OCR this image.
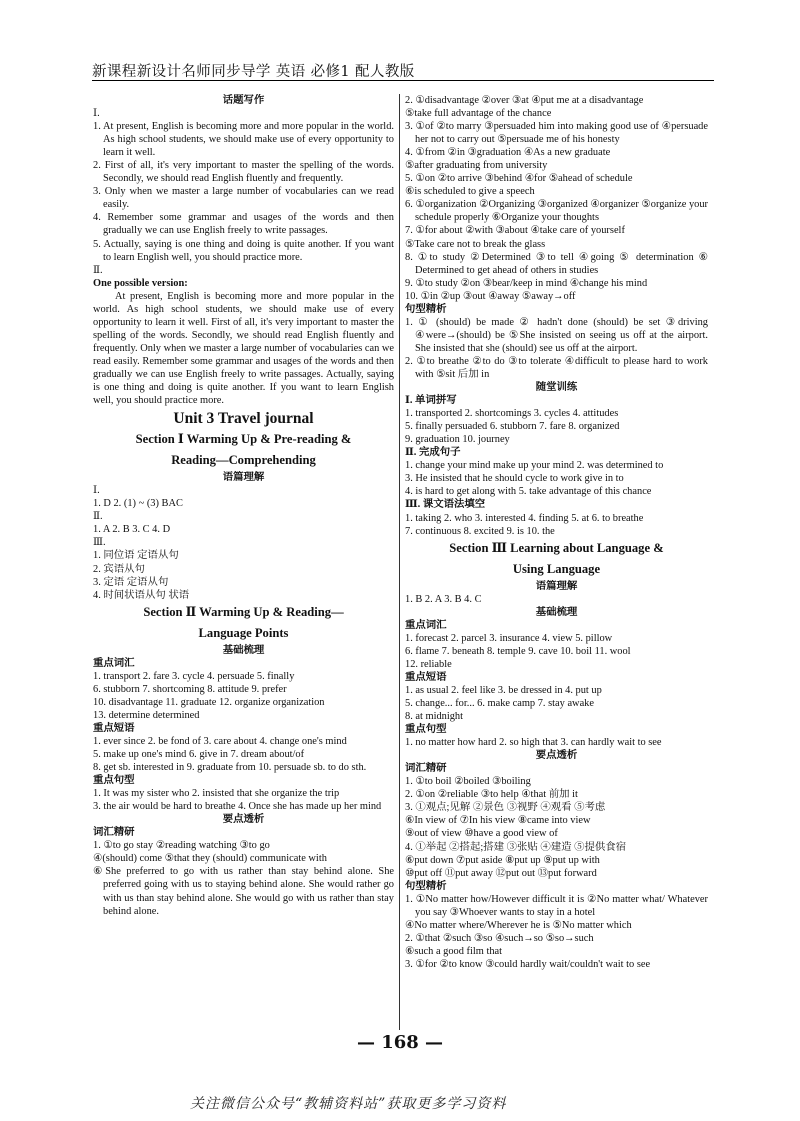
新课程新设计名师同步导学 英语 必修1 配人教版
话题写作
Ⅰ.
1. At present, English is becoming more and more popular in the world. As high school students, we should make use of every opportunity to learn it well.
2. First of all, it's very important to master the spelling of the words. Secondly, we should read English fluently and frequently.
3. Only when we master a large number of vocabularies can we read easily.
4. Remember some grammar and usages of the words and then gradually we can use English freely to write passages.
5. Actually, saying is one thing and doing is quite another. If you want to learn English well, you should practice more.
Ⅱ.
One possible version:
At present, English is becoming more and more popular in the world. As high school students, we should make use of every opportunity to learn it well. First of all, it's very important to master the spelling of the words. Secondly, we should read English fluently and frequently. Only when we master a large number of vocabularies can we read easily. Remember some grammar and usages of the words and then gradually we can use English freely to write passages. Actually, saying is one thing and doing is quite another. If you want to learn English well, you should practice more.
Unit 3 Travel journal
Section Ⅰ Warming Up & Pre-reading &
Reading—Comprehending
语篇理解
Ⅰ.
1. D 2. (1) ~ (3) BAC
Ⅱ.
1. A 2. B 3. C 4. D
Ⅲ.
1. 同位语 定语从句
2. 宾语从句
3. 定语 定语从句
4. 时间状语从句 状语
Section Ⅱ Warming Up & Reading—
Language Points
基础梳理
重点词汇
1. transport 2. fare 3. cycle 4. persuade 5. finally
6. stubborn 7. shortcoming 8. attitude 9. prefer
10. disadvantage 11. graduate 12. organize organization
13. determine determined
重点短语
1. ever since 2. be fond of 3. care about 4. change one's mind
5. make up one's mind 6. give in 7. dream about/of
8. get sb. interested in 9. graduate from 10. persuade sb. to do sth.
重点句型
1. It was my sister who 2. insisted that she organize the trip
3. the air would be hard to breathe 4. Once she has made up her mind
要点透析
词汇精研
1. ①to go stay ②reading watching ③to go
④(should) come ⑤that they (should) communicate with
⑥She preferred to go with us rather than stay behind alone. She preferred going with us to staying behind alone. She would rather go with us than stay behind alone. She would go with us rather than stay behind alone.
2. ①disadvantage ②over ③at ④put me at a disadvantage
⑤take full advantage of the chance
3. ①of ②to marry ③persuaded him into making good use of ④persuade her not to carry out ⑤persuade me of his honesty
4. ①from ②in ③graduation ④As a new graduate
⑤after graduating from university
5. ①on ②to arrive ③behind ④for ⑤ahead of schedule
⑥is scheduled to give a speech
6. ①organization ②Organizing ③organized ④organizer ⑤organize your schedule properly ⑥Organize your thoughts
7. ①for about ②with ③about ④take care of yourself
⑤Take care not to break the glass
8. ①to study ②Determined ③to tell ④going ⑤ determination ⑥ Determined to get ahead of others in studies
9. ①to study ②on ③bear/keep in mind ④change his mind
10. ①in ②up ③out ④away ⑤away→off
句型精析
1. ① (should) be made ② hadn't done (should) be set ③driving ④were→(should) be ⑤She insisted on seeing us off at the airport. She insisted that she (should) see us off at the airport.
2. ①to breathe ②to do ③to tolerate ④difficult to please hard to work with ⑤sit 后加 in
随堂训练
Ⅰ. 单词拼写
1. transported 2. shortcomings 3. cycles 4. attitudes
5. finally persuaded 6. stubborn 7. fare 8. organized
9. graduation 10. journey
Ⅱ. 完成句子
1. change your mind make up your mind 2. was determined to
3. He insisted that he should cycle to work give in to
4. is hard to get along with 5. take advantage of this chance
Ⅲ. 课文语法填空
1. taking 2. who 3. interested 4. finding 5. at 6. to breathe
7. continuous 8. excited 9. is 10. the
Section Ⅲ Learning about Language &
Using Language
语篇理解
1. B 2. A 3. B 4. C
基础梳理
重点词汇
1. forecast 2. parcel 3. insurance 4. view 5. pillow
6. flame 7. beneath 8. temple 9. cave 10. boil 11. wool
12. reliable
重点短语
1. as usual 2. feel like 3. be dressed in 4. put up
5. change... for... 6. make camp 7. stay awake
8. at midnight
重点句型
1. no matter how hard 2. so high that 3. can hardly wait to see
要点透析
词汇精研
1. ①to boil ②boiled ③boiling
2. ①on ②reliable ③to help ④that 前加 it
3. ①观点;见解 ②景色 ③视野 ④观看 ⑤考虑
⑥In view of ⑦In his view ⑧came into view
⑨out of view ⑩have a good view of
4. ①举起 ②搭起;搭建 ③张贴 ④建造 ⑤提供食宿
⑥put down ⑦put aside ⑧put up ⑨put up with
⑩put off ⑪put away ⑫put out ⑬put forward
句型精析
1. ①No matter how/However difficult it is ②No matter what/ Whatever you say ③Whoever wants to stay in a hotel
④No matter where/Wherever he is ⑤No matter which
2. ①that ②such ③so ④such→so ⑤so→such
⑥such a good film that
3. ①for ②to know ③could hardly wait/couldn't wait to see
— 168 —
关注微信公众号“教辅资料站”获取更多学习资料
